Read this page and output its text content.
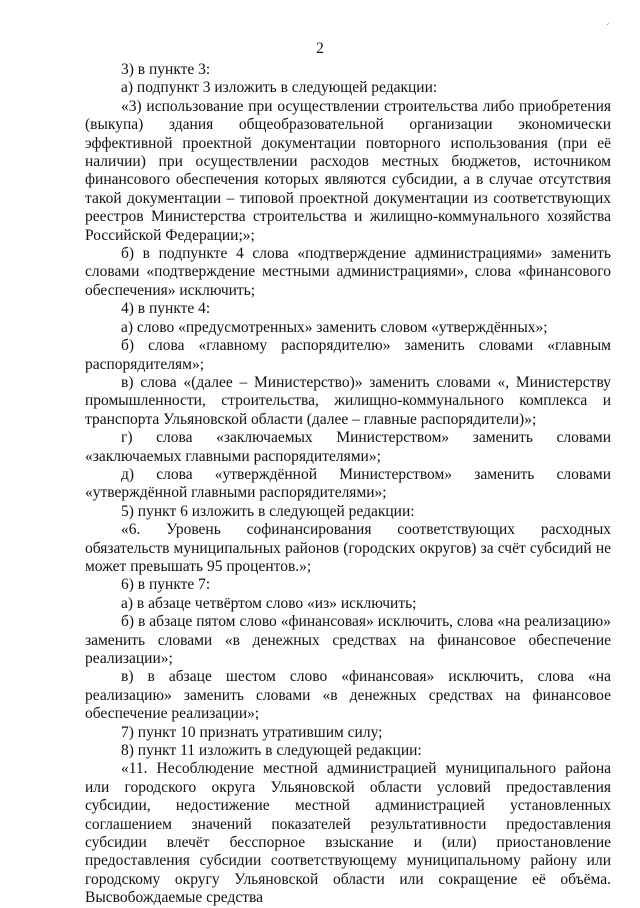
´
2

3) в пункте 3:

а) подпункт 3 изложить в следующей редакции:

«3) использование при осуществлении строительства либо приобретения (выкупа) здания общеобразовательной организации экономически эффективной проектной документации повторного использования (при её наличии) при осуществлении расходов местных бюджетов, источником финансового обеспечения которых являются субсидии, а в случае отсутствия такой документации – типовой проектной документации из соответствующих реестров Министерства строительства и жилищно-коммунального хозяйства Российской Федерации;»;

б) в подпункте 4 слова «подтверждение администрациями» заменить словами «подтверждение местными администрациями», слова «финансового обеспечения» исключить;

4) в пункте 4:

а) слово «предусмотренных» заменить словом «утверждённых»;

б) слова «главному распорядителю» заменить словами «главным распорядителям»;

в) слова «(далее – Министерство)» заменить словами «, Министерству промышленности, строительства, жилищно-коммунального комплекса и транспорта Ульяновской области (далее – главные распорядители)»;

г) слова «заключаемых Министерством» заменить словами «заключаемых главными распорядителями»;

д) слова «утверждённой Министерством» заменить словами «утверждённой главными распорядителями»;

5) пункт 6 изложить в следующей редакции:

«6. Уровень софинансирования соответствующих расходных обязательств муниципальных районов (городских округов) за счёт субсидий не может превышать 95 процентов.»;

6) в пункте 7:

а) в абзаце четвёртом слово «из» исключить;

б) в абзаце пятом слово «финансовая» исключить, слова «на реализацию» заменить словами «в денежных средствах на финансовое обеспечение реализации»;

в) в абзаце шестом слово «финансовая» исключить, слова «на реализацию» заменить словами «в денежных средствах на финансовое обеспечение реализации»;

7) пункт 10 признать утратившим силу;

8) пункт 11 изложить в следующей редакции:

«11. Несоблюдение местной администрацией муниципального района или городского округа Ульяновской области условий предоставления субсидии, недостижение местной администрацией установленных соглашением значений показателей результативности предоставления субсидии влечёт бесспорное взыскание и (или) приостановление предоставления субсидии соответствующему муниципальному району или городскому округу Ульяновской области или сокращение её объёма. Высвобождаемые средства
